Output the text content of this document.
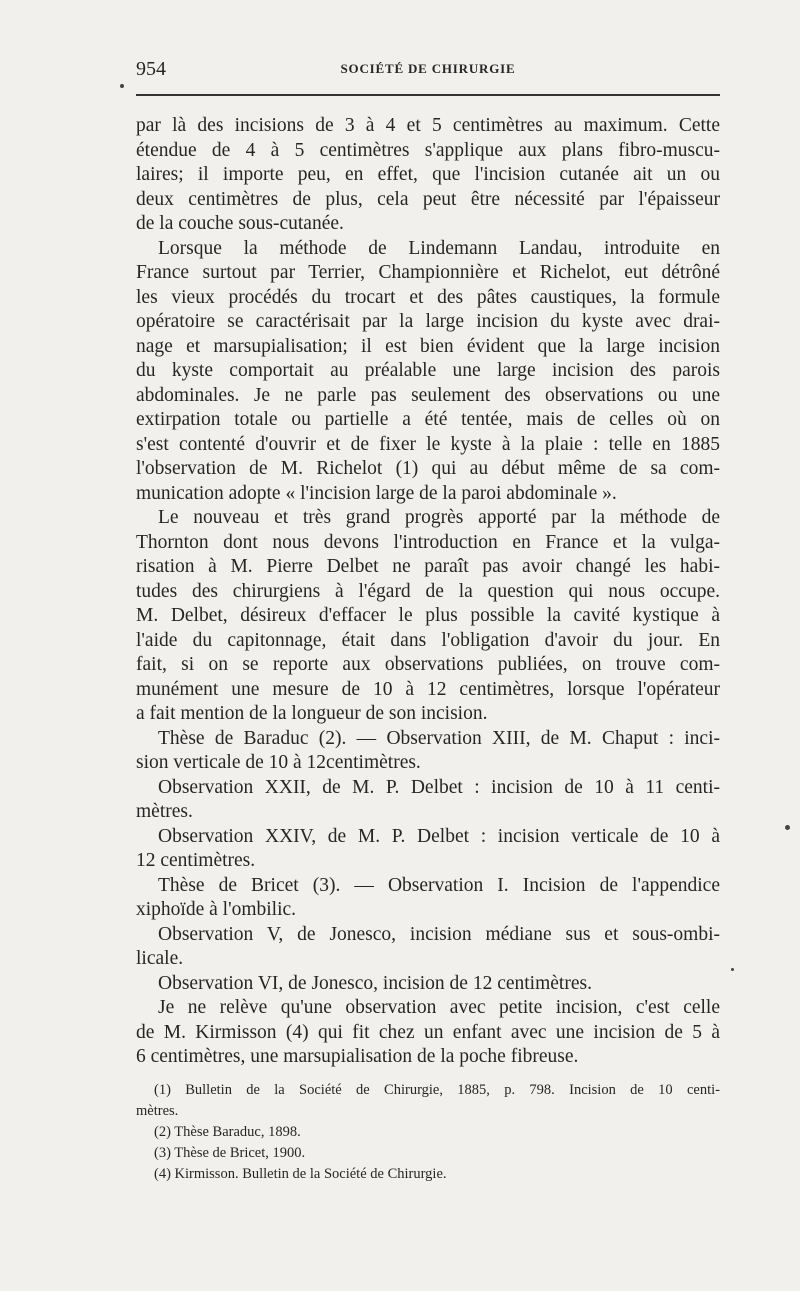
954	SOCIÉTÉ DE CHIRURGIE
par là des incisions de 3 à 4 et 5 centimètres au maximum. Cette
étendue de 4 à 5 centimètres s'applique aux plans fibro-muscu-
laires; il importe peu, en effet, que l'incision cutanée ait un ou
deux centimètres de plus, cela peut être nécessité par l'épaisseur
de la couche sous-cutanée.
Lorsque la méthode de Lindemann Landau, introduite en
France surtout par Terrier, Championnière et Richelot, eut détrôné
les vieux procédés du trocart et des pâtes caustiques, la formule
opératoire se caractérisait par la large incision du kyste avec drai-
nage et marsupialisation; il est bien évident que la large incision
du kyste comportait au préalable une large incision des parois
abdominales. Je ne parle pas seulement des observations ou une
extirpation totale ou partielle a été tentée, mais de celles où on
s'est contenté d'ouvrir et de fixer le kyste à la plaie : telle en 1885
l'observation de M. Richelot (1) qui au début même de sa com-
munication adopte « l'incision large de la paroi abdominale ».
Le nouveau et très grand progrès apporté par la méthode de
Thornton dont nous devons l'introduction en France et la vulga-
risation à M. Pierre Delbet ne paraît pas avoir changé les habi-
tudes des chirurgiens à l'égard de la question qui nous occupe.
M. Delbet, désireux d'effacer le plus possible la cavité kystique à
l'aide du capitonnage, était dans l'obligation d'avoir du jour. En
fait, si on se reporte aux observations publiées, on trouve com-
munément une mesure de 10 à 12 centimètres, lorsque l'opérateur
a fait mention de la longueur de son incision.
Thèse de Baraduc (2). — Observation XIII, de M. Chaput : inci-
sion verticale de 10 à 12centimètres.
Observation XXII, de M. P. Delbet : incision de 10 à 11 centi-
mètres.
Observation XXIV, de M. P. Delbet : incision verticale de 10 à
12 centimètres.
Thèse de Bricet (3). — Observation I. Incision de l'appendice
xiphoïde à l'ombilic.
Observation V, de Jonesco, incision médiane sus et sous-ombi-
licale.
Observation VI, de Jonesco, incision de 12 centimètres.
Je ne relève qu'une observation avec petite incision, c'est celle
de M. Kirmisson (4) qui fit chez un enfant avec une incision de 5 à
6 centimètres, une marsupialisation de la poche fibreuse.
(1) Bulletin de la Société de Chirurgie, 1885, p. 798. Incision de 10 centi-
mètres.
(2) Thèse Baraduc, 1898.
(3) Thèse de Bricet, 1900.
(4) Kirmisson. Bulletin de la Société de Chirurgie.
